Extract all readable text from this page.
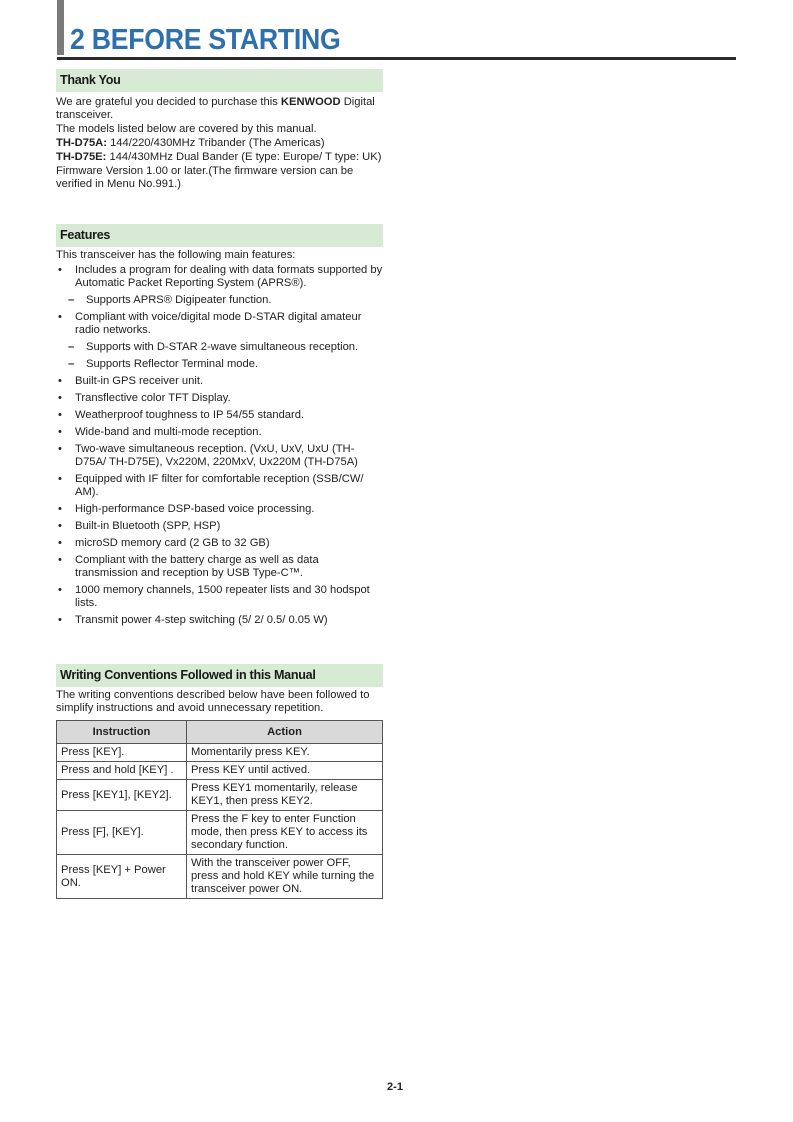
2 BEFORE STARTING
Thank You

We are grateful you decided to purchase this KENWOOD Digital transceiver.

The models listed below are covered by this manual.

TH-D75A: 144/220/430MHz Tribander (The Americas)

TH-D75E: 144/430MHz Dual Bander (E type: Europe/ T type: UK)

Firmware Version 1.00 or later.(The firmware version can be verified in Menu No.991.)

Features

This transceiver has the following main features:

• Includes a program for dealing with data formats supported by Automatic Packet Reporting System (APRS®).
– Supports APRS® Digipeater function.
• Compliant with voice/digital mode D-STAR digital amateur radio networks.
– Supports with D-STAR 2-wave simultaneous reception.
– Supports Reflector Terminal mode.
• Built-in GPS receiver unit.
• Transflective color TFT Display.
• Weatherproof toughness to IP 54/55 standard.
• Wide-band and multi-mode reception.
• Two-wave simultaneous reception. (VxU, UxV, UxU (TH-D75A/ TH-D75E), Vx220M, 220MxV, Ux220M (TH-D75A)
• Equipped with IF filter for comfortable reception (SSB/CW/ AM).
• High-performance DSP-based voice processing.
• Built-in Bluetooth (SPP, HSP)
• microSD memory card (2 GB to 32 GB)
• Compliant with the battery charge as well as data transmission and reception by USB Type-C™.
• 1000 memory channels, 1500 repeater lists and 30 hodspot lists.
• Transmit power 4-step switching (5/ 2/ 0.5/ 0.05 W)
Writing Conventions Followed in this Manual

The writing conventions described below have been followed to simplify instructions and avoid unnecessary repetition.

Instruction	Action
Press [KEY].	Momentarily press KEY.
Press and hold [KEY] .	Press KEY until actived.
Press [KEY1], [KEY2].	Press KEY1 momentarily, release KEY1, then press KEY2.
Press [F], [KEY].	Press the F key to enter Function mode, then press KEY to access its secondary function.
Press [KEY] + Power ON.	With the transceiver power OFF, press and hold KEY while turning the transceiver power ON.
2-1
